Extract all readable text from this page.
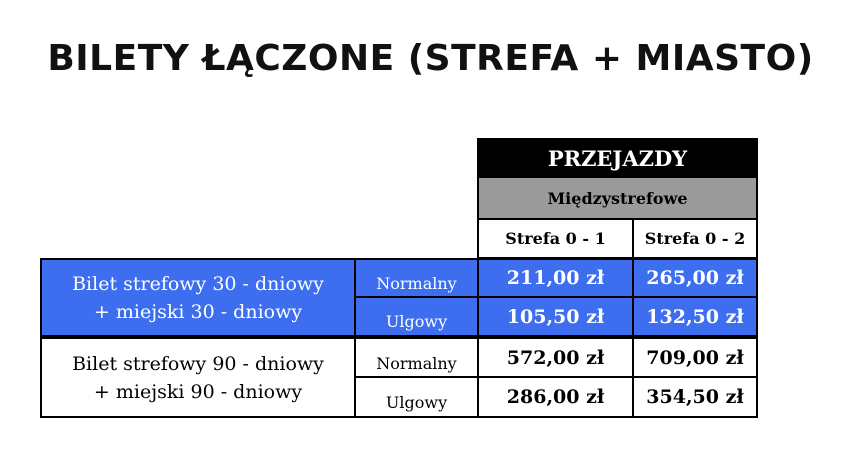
BILETY ŁĄCZONE (STREFA + MIASTO)
PRZEJAZDY
Międzystrefowe
Strefa 0 - 1	Strefa 0 - 2
Bilet strefowy 30 - dniowy
+ miejski 30 - dniowy
Normalny	211,00 zł	265,00 zł
Ulgowy	105,50 zł	132,50 zł
Bilet strefowy 90 - dniowy
+ miejski 90 - dniowy
Normalny	572,00 zł	709,00 zł
Ulgowy	286,00 zł	354,50 zł
